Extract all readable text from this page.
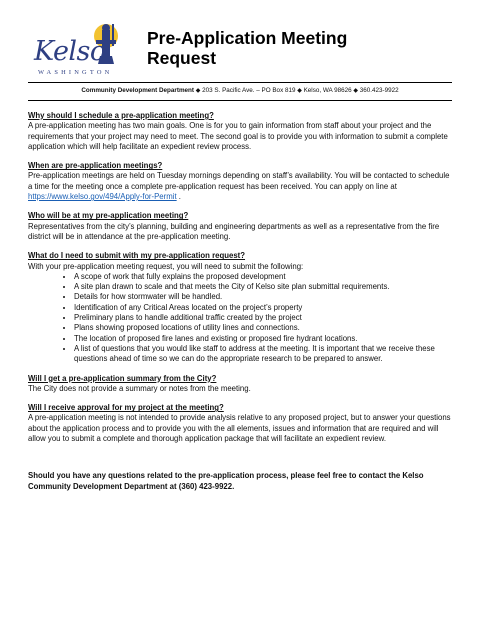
Kelso
WASHINGTON
Pre-Application Meeting
Request
Community Development Department ◆ 203 S. Pacific Ave. – PO Box 819 ◆ Kelso, WA 98626 ◆ 360.423-9922

Why should I schedule a pre-application meeting?

A pre-application meeting has two main goals. One is for you to gain information from staff about your project and the requirements that your project may need to meet. The second goal is to provide you with information to submit a complete application which will help facilitate an expedient review process.

When are pre-application meetings?

Pre-application meetings are held on Tuesday mornings depending on staff’s availability. You will be contacted to schedule a time for the meeting once a complete pre-application request has been received. You can apply on line at https://www.kelso.gov/494/Apply-for-Permit .

Who will be at my pre-application meeting?

Representatives from the city’s planning, building and engineering departments as well as a representative from the fire district will be in attendance at the pre-application meeting.

What do I need to submit with my pre-application request?

With your pre-application meeting request, you will need to submit the following:

• A scope of work that fully explains the proposed development
• A site plan drawn to scale and that meets the City of Kelso site plan submittal requirements.
• Details for how stormwater will be handled.
• Identification of any Critical Areas located on the project’s property
• Preliminary plans to handle additional traffic created by the project
• Plans showing proposed locations of utility lines and connections.
• The location of proposed fire lanes and existing or proposed fire hydrant locations.
• A list of questions that you would like staff to address at the meeting. It is important that we receive these questions ahead of time so we can do the appropriate research to be prepared to answer.

Will I get a pre-application summary from the City?

The City does not provide a summary or notes from the meeting.

Will I receive approval for my project at the meeting?

A pre-application meeting is not intended to provide analysis relative to any proposed project, but to answer your questions about the application process and to provide you with the all elements, issues and information that are required and will allow you to submit a complete and thorough application package that will facilitate an expedient review.

Should you have any questions related to the pre-application process, please feel free to contact the Kelso Community Development Department at (360) 423-9922.
